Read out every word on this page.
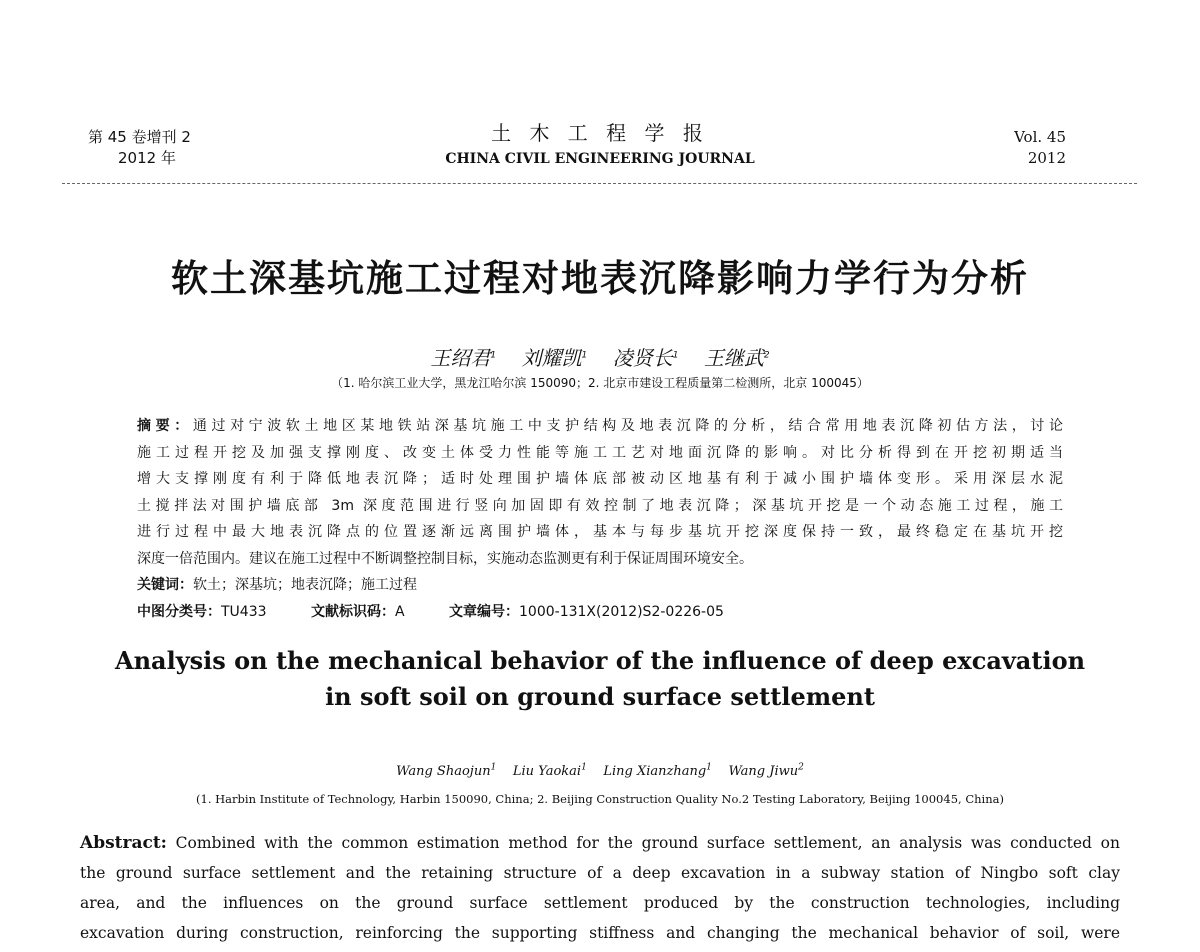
第 45 卷增刊 2
2012 年
土 木 工 程 学 报
CHINA CIVIL ENGINEERING JOURNAL
Vol. 45
2012
软土深基坑施工过程对地表沉降影响力学行为分析
王绍君$^1$ 刘耀凯$^1$ 凌贤长$^1$ 王继武$^2$
（1. 哈尔滨工业大学，黑龙江哈尔滨 150090；2. 北京市建设工程质量第二检测所，北京 100045）
摘要：通过对宁波软土地区某地铁站深基坑施工中支护结构及地表沉降的分析，结合常用地表沉降初估方法，讨论
施工过程开挖及加强支撑刚度、改变土体受力性能等施工工艺对地面沉降的影响。对比分析得到在开挖初期适当
增大支撑刚度有利于降低地表沉降；适时处理围护墙体底部被动区地基有利于减小围护墙体变形。采用深层水泥
土搅拌法对围护墙底部 3m 深度范围进行竖向加固即有效控制了地表沉降；深基坑开挖是一个动态施工过程，施工
进行过程中最大地表沉降点的位置逐渐远离围护墙体，基本与每步基坑开挖深度保持一致，最终稳定在基坑开挖
深度一倍范围内。建议在施工过程中不断调整控制目标，实施动态监测更有利于保证周围环境安全。
关键词：软土；深基坑；地表沉降；施工过程
中图分类号：TU433	文献标识码：A	文章编号：1000-131X(2012)S2-0226-05
Analysis on the mechanical behavior of the influence of deep excavation
in soft soil on ground surface settlement
Wang Shaojun$^1$ Liu Yaokai$^1$ Ling Xianzhang$^1$ Wang Jiwu$^2$
(1. Harbin Institute of Technology, Harbin 150090, China; 2. Beijing Construction Quality No.2 Testing Laboratory, Beijing 100045, China)
Abstract: Combined with the common estimation method for the ground surface settlement, an analysis was conducted on
the ground surface settlement and the retaining structure of a deep excavation in a subway station of Ningbo soft clay
area, and the influences on the ground surface settlement produced by the construction technologies, including
excavation during construction, reinforcing the supporting stiffness and changing the mechanical behavior of soil, were
